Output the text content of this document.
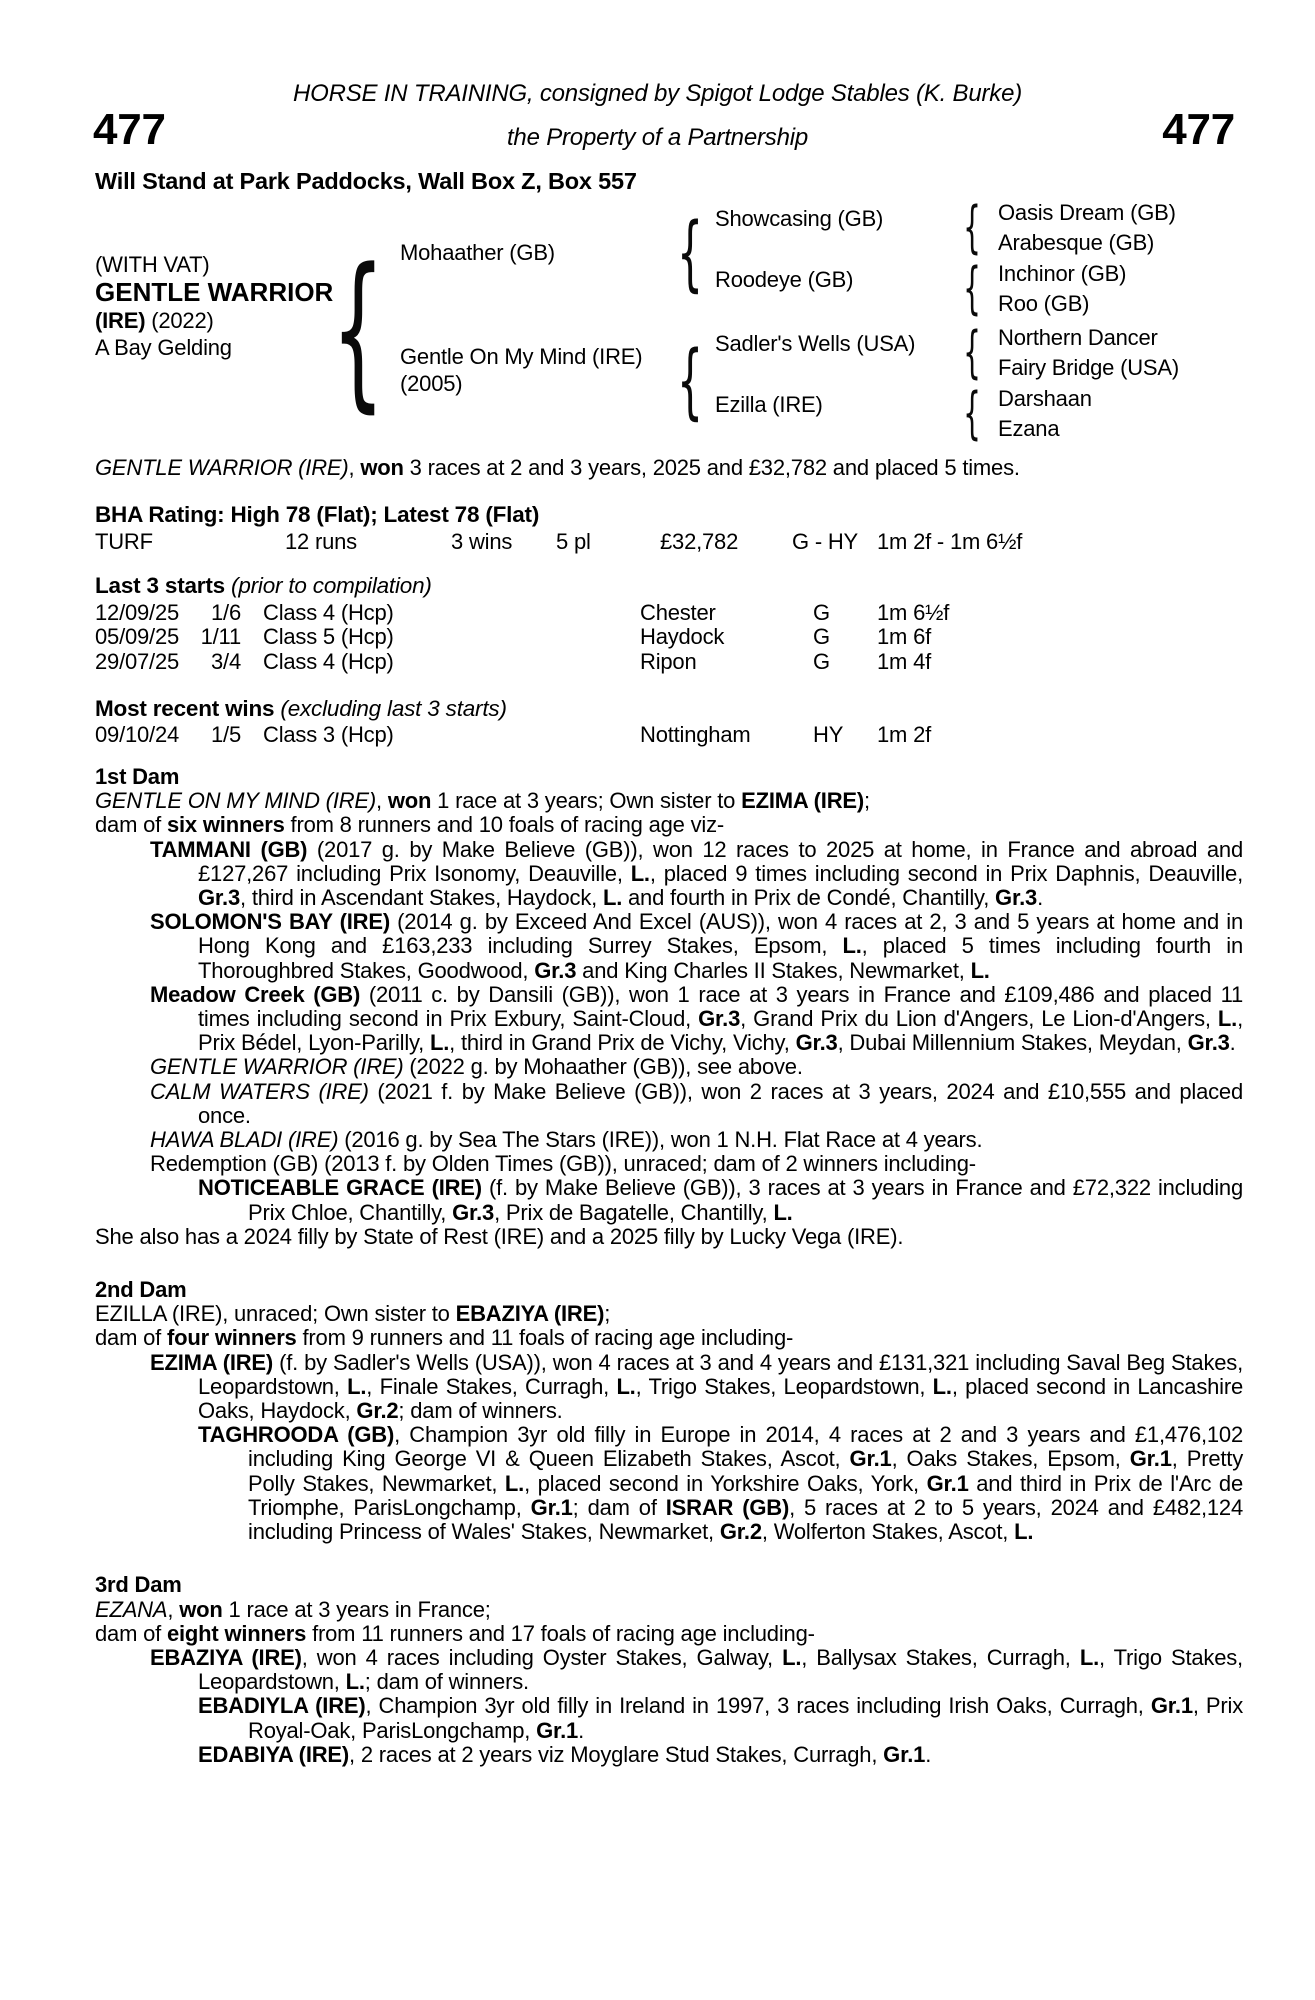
HORSE IN TRAINING, consigned by Spigot Lodge Stables (K. Burke)
477	the Property of a Partnership	477
Will Stand at Park Paddocks, Wall Box Z, Box 557
(WITH VAT)
GENTLE WARRIOR
(IRE) (2022)
A Bay Gelding { Mohaather (GB)
Gentle On My Mind (IRE)
(2005)
{
{
Showcasing (GB)
Roodeye (GB)
Sadler's Wells (USA)
Ezilla (IRE)
{
{
{
{
Oasis Dream (GB)
Arabesque (GB)
Inchinor (GB)
Roo (GB)
Northern Dancer
Fairy Bridge (USA)
Darshaan
Ezana
GENTLE WARRIOR (IRE), won 3 races at 2 and 3 years, 2025 and £32,782 and placed 5 times.
BHA Rating: High 78 (Flat); Latest 78 (Flat)
TURF	12 runs	3 wins 5 pl	£32,782 G - HY 1m 2f - 1m 6½f
Last 3 starts (prior to compilation)
12/09/25	1/6 Class 4 (Hcp)	Chester	G 1m 6½f
05/09/25 1/11 Class 5 (Hcp)	Haydock	G 1m 6f
29/07/25	3/4 Class 4 (Hcp)	Ripon	G 1m 4f
Most recent wins (excluding last 3 starts)
09/10/24	1/5 Class 3 (Hcp)	Nottingham	HY 1m 2f
1st Dam

GENTLE ON MY MIND (IRE), won 1 race at 3 years; Own sister to EZIMA (IRE);

dam of six winners from 8 runners and 10 foals of racing age viz-

TAMMANI (GB) (2017 g. by Make Believe (GB)), won 12 races to 2025 at home, in France and abroad and £127,267 including Prix Isonomy, Deauville, L., placed 9 times including second in Prix Daphnis, Deauville, Gr.3, third in Ascendant Stakes, Haydock, L. and fourth in Prix de Condé, Chantilly, Gr.3.

SOLOMON'S BAY (IRE) (2014 g. by Exceed And Excel (AUS)), won 4 races at 2, 3 and 5 years at home and in Hong Kong and £163,233 including Surrey Stakes, Epsom, L., placed 5 times including fourth in Thoroughbred Stakes, Goodwood, Gr.3 and King Charles II Stakes, Newmarket, L.

Meadow Creek (GB) (2011 c. by Dansili (GB)), won 1 race at 3 years in France and £109,486 and placed 11 times including second in Prix Exbury, Saint-Cloud, Gr.3, Grand Prix du Lion d'Angers, Le Lion-d'Angers, L., Prix Bédel, Lyon-Parilly, L., third in Grand Prix de Vichy, Vichy, Gr.3, Dubai Millennium Stakes, Meydan, Gr.3.

GENTLE WARRIOR (IRE) (2022 g. by Mohaather (GB)), see above.

CALM WATERS (IRE) (2021 f. by Make Believe (GB)), won 2 races at 3 years, 2024 and £10,555 and placed once.

HAWA BLADI (IRE) (2016 g. by Sea The Stars (IRE)), won 1 N.H. Flat Race at 4 years.

Redemption (GB) (2013 f. by Olden Times (GB)), unraced; dam of 2 winners including-

NOTICEABLE GRACE (IRE) (f. by Make Believe (GB)), 3 races at 3 years in France and £72,322 including Prix Chloe, Chantilly, Gr.3, Prix de Bagatelle, Chantilly, L.

She also has a 2024 filly by State of Rest (IRE) and a 2025 filly by Lucky Vega (IRE).

2nd Dam

EZILLA (IRE), unraced; Own sister to EBAZIYA (IRE);

dam of four winners from 9 runners and 11 foals of racing age including-

EZIMA (IRE) (f. by Sadler's Wells (USA)), won 4 races at 3 and 4 years and £131,321 including Saval Beg Stakes, Leopardstown, L., Finale Stakes, Curragh, L., Trigo Stakes, Leopardstown, L., placed second in Lancashire Oaks, Haydock, Gr.2; dam of winners.

TAGHROODA (GB), Champion 3yr old filly in Europe in 2014, 4 races at 2 and 3 years and £1,476,102 including King George VI & Queen Elizabeth Stakes, Ascot, Gr.1, Oaks Stakes, Epsom, Gr.1, Pretty Polly Stakes, Newmarket, L., placed second in Yorkshire Oaks, York, Gr.1 and third in Prix de l'Arc de Triomphe, ParisLongchamp, Gr.1; dam of ISRAR (GB), 5 races at 2 to 5 years, 2024 and £482,124 including Princess of Wales' Stakes, Newmarket, Gr.2, Wolferton Stakes, Ascot, L.

3rd Dam

EZANA, won 1 race at 3 years in France;

dam of eight winners from 11 runners and 17 foals of racing age including-

EBAZIYA (IRE), won 4 races including Oyster Stakes, Galway, L., Ballysax Stakes, Curragh, L., Trigo Stakes, Leopardstown, L.; dam of winners.

EBADIYLA (IRE), Champion 3yr old filly in Ireland in 1997, 3 races including Irish Oaks, Curragh, Gr.1, Prix Royal-Oak, ParisLongchamp, Gr.1.

EDABIYA (IRE), 2 races at 2 years viz Moyglare Stud Stakes, Curragh, Gr.1.
